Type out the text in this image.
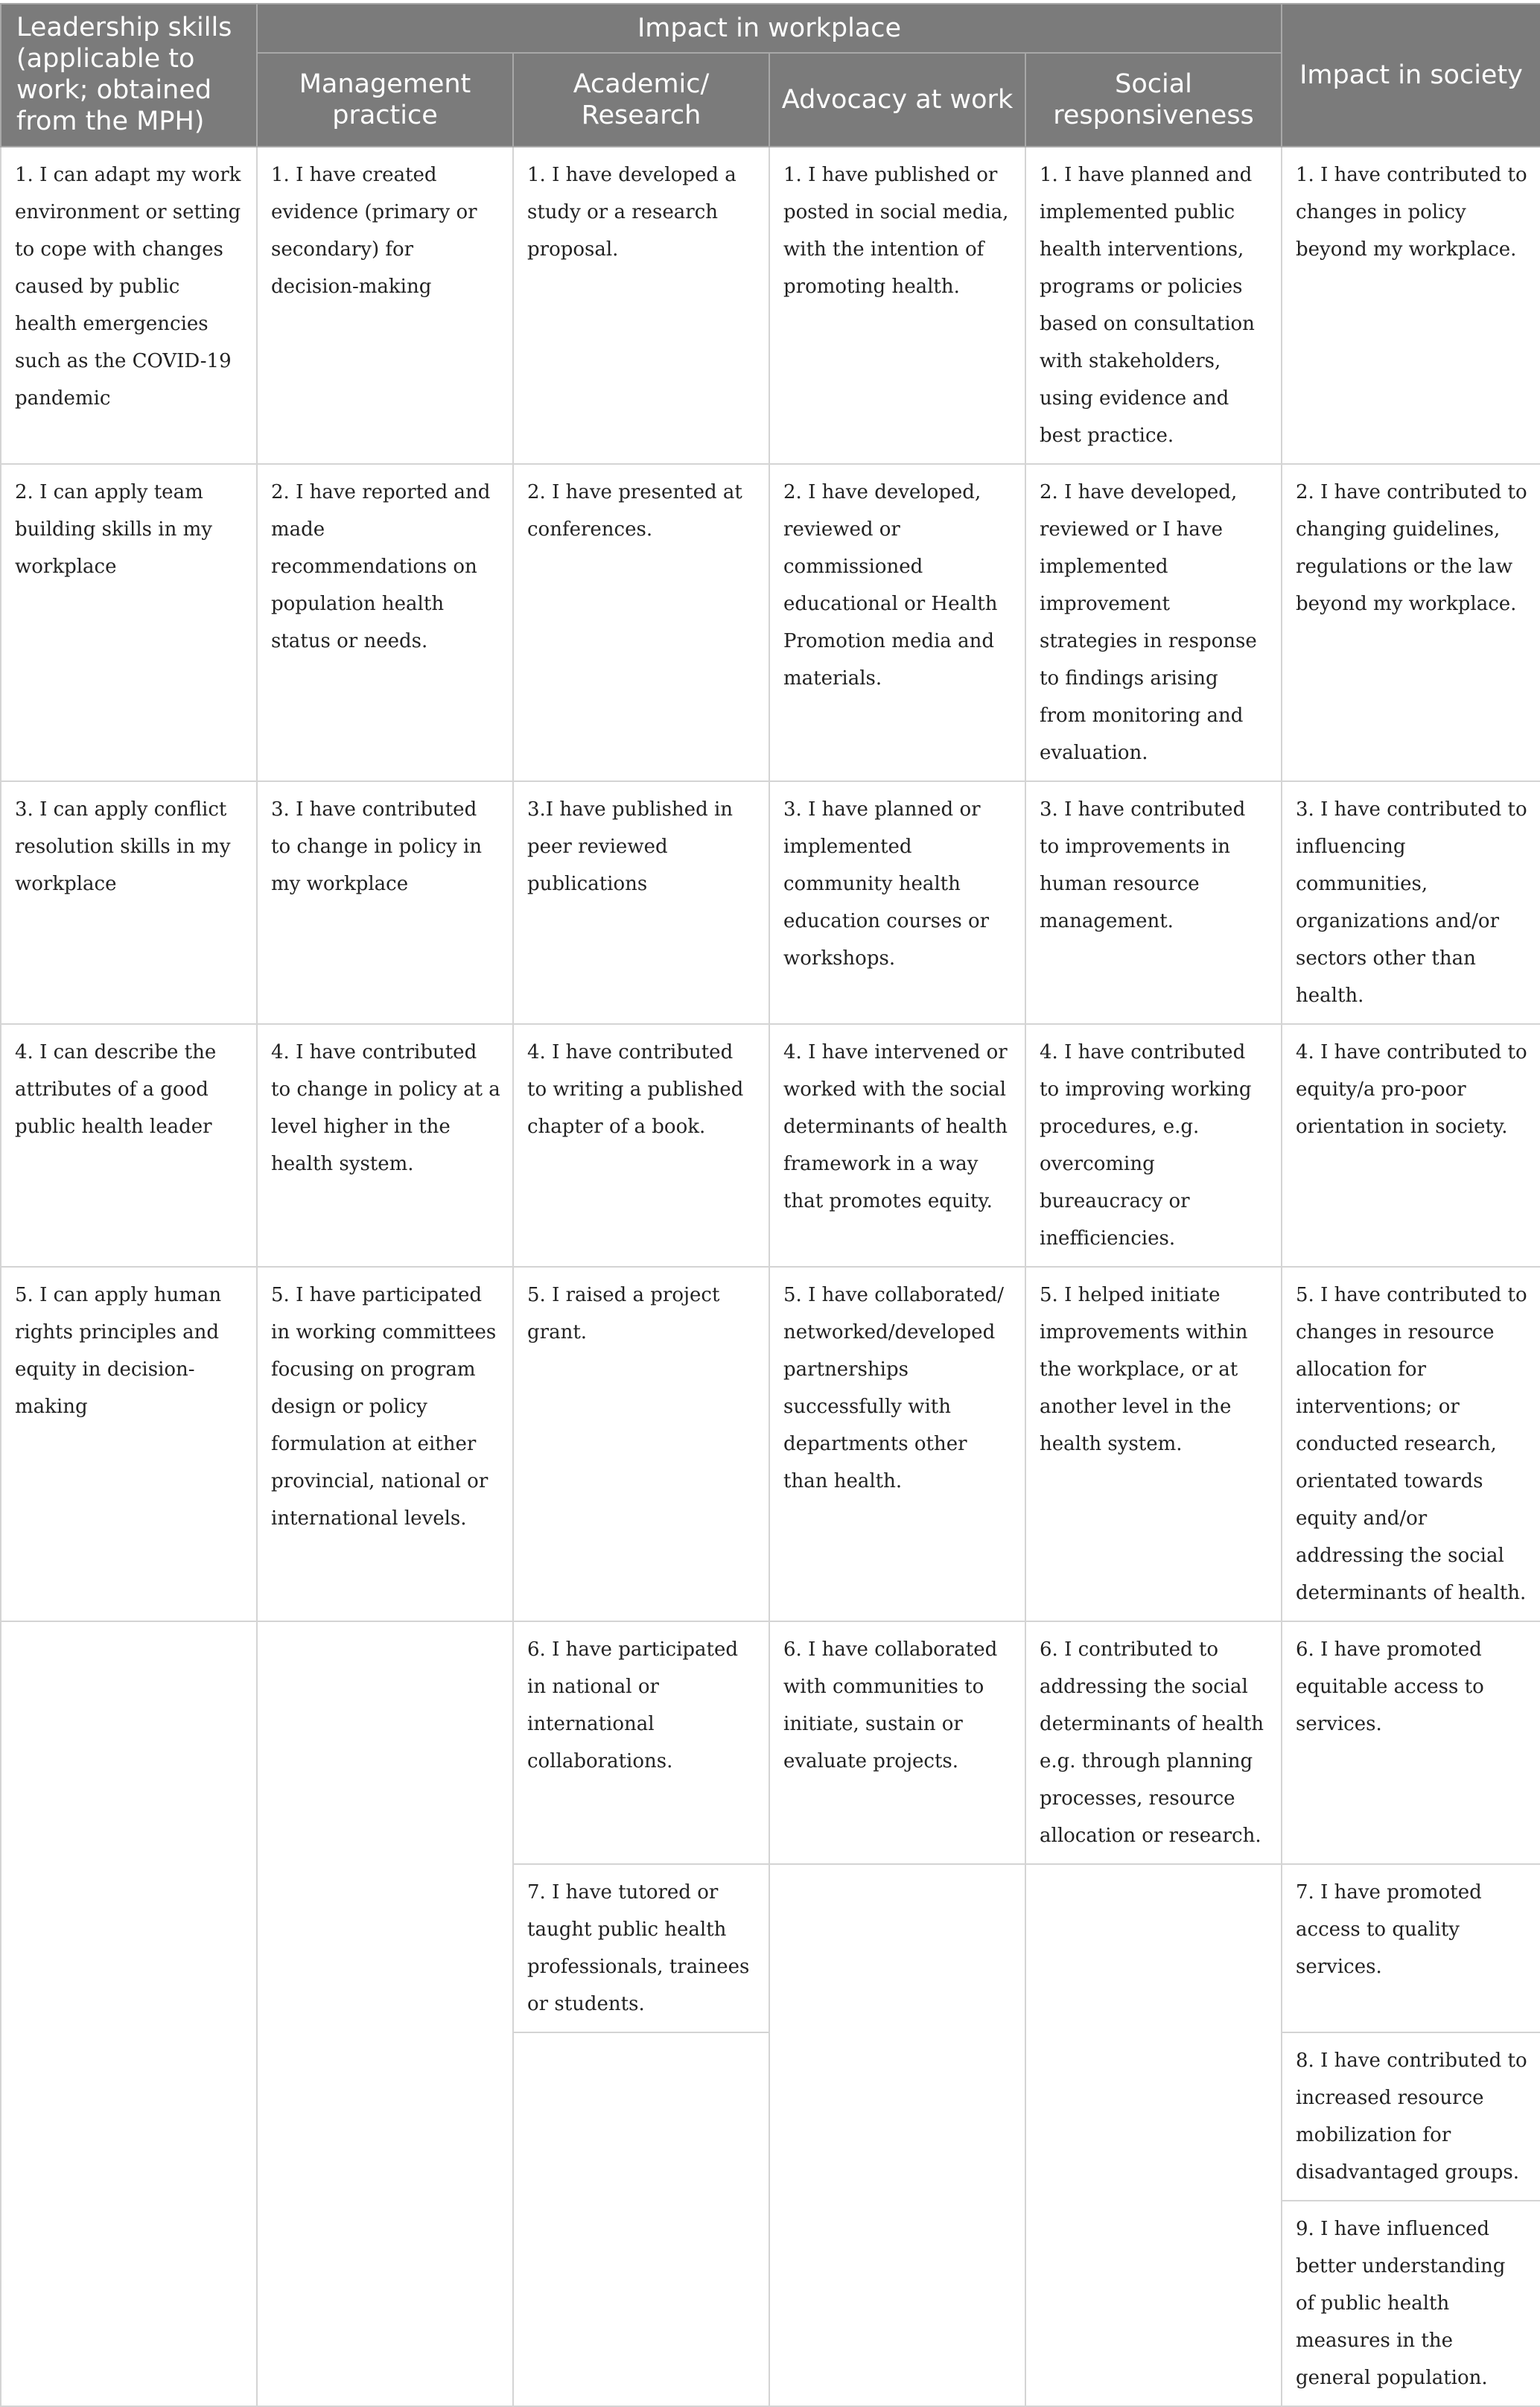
Leadership skills (applicable to work; obtained from the MPH)	Impact in workplace				Impact in society
	Management practice	Academic/ Research	Advocacy at work	Social responsiveness	
1. I can adapt my work environment or setting to cope with changes caused by public health emergencies such as the COVID-19 pandemic	1. I have created evidence (primary or secondary) for decision-making	1. I have developed a study or a research proposal.	1. I have published or posted in social media, with the intention of promoting health.	1. I have planned and implemented public health interventions, programs or policies based on consultation with stakeholders, using evidence and best practice.	1. I have contributed to changes in policy beyond my workplace.
2. I can apply team building skills in my workplace	2. I have reported and made recommendations on population health status or needs.	2. I have presented at conferences.	2. I have developed, reviewed or commissioned educational or Health Promotion media and materials.	2. I have developed, reviewed or I have implemented improvement strategies in response to findings arising from monitoring and evaluation.	2. I have contributed to changing guidelines, regulations or the law beyond my workplace.
3. I can apply conflict resolution skills in my workplace	3. I have contributed to change in policy in my workplace	3.I have published in peer reviewed publications	3. I have planned or implemented community health education courses or workshops.	3. I have contributed to improvements in human resource management.	3. I have contributed to influencing communities, organizations and/or sectors other than health.
4. I can describe the attributes of a good public health leader	4. I have contributed to change in policy at a level higher in the health system.	4. I have contributed to writing a published chapter of a book.	4. I have intervened or worked with the social determinants of health framework in a way that promotes equity.	4. I have contributed to improving working procedures, e.g. overcoming bureaucracy or inefficiencies.	4. I have contributed to equity/a pro-poor orientation in society.
5. I can apply human rights principles and equity in decision-making	5. I have participated in working committees focusing on program design or policy formulation at either provincial, national or international levels.	5. I raised a project grant.	5. I have collaborated/ networked/developed partnerships successfully with departments other than health.	5. I helped initiate improvements within the workplace, or at another level in the health system.	5. I have contributed to changes in resource allocation for interventions; or conducted research, orientated towards equity and/or addressing the social determinants of health.
		6. I have participated in national or international collaborations.	6. I have collaborated with communities to initiate, sustain or evaluate projects.	6. I contributed to addressing the social determinants of health e.g. through planning processes, resource allocation or research.	6. I have promoted equitable access to services.
		7. I have tutored or taught public health professionals, trainees or students.			7. I have promoted access to quality services.
					8. I have contributed to increased resource mobilization for disadvantaged groups.
					9. I have influenced better understanding of public health measures in the general population.
